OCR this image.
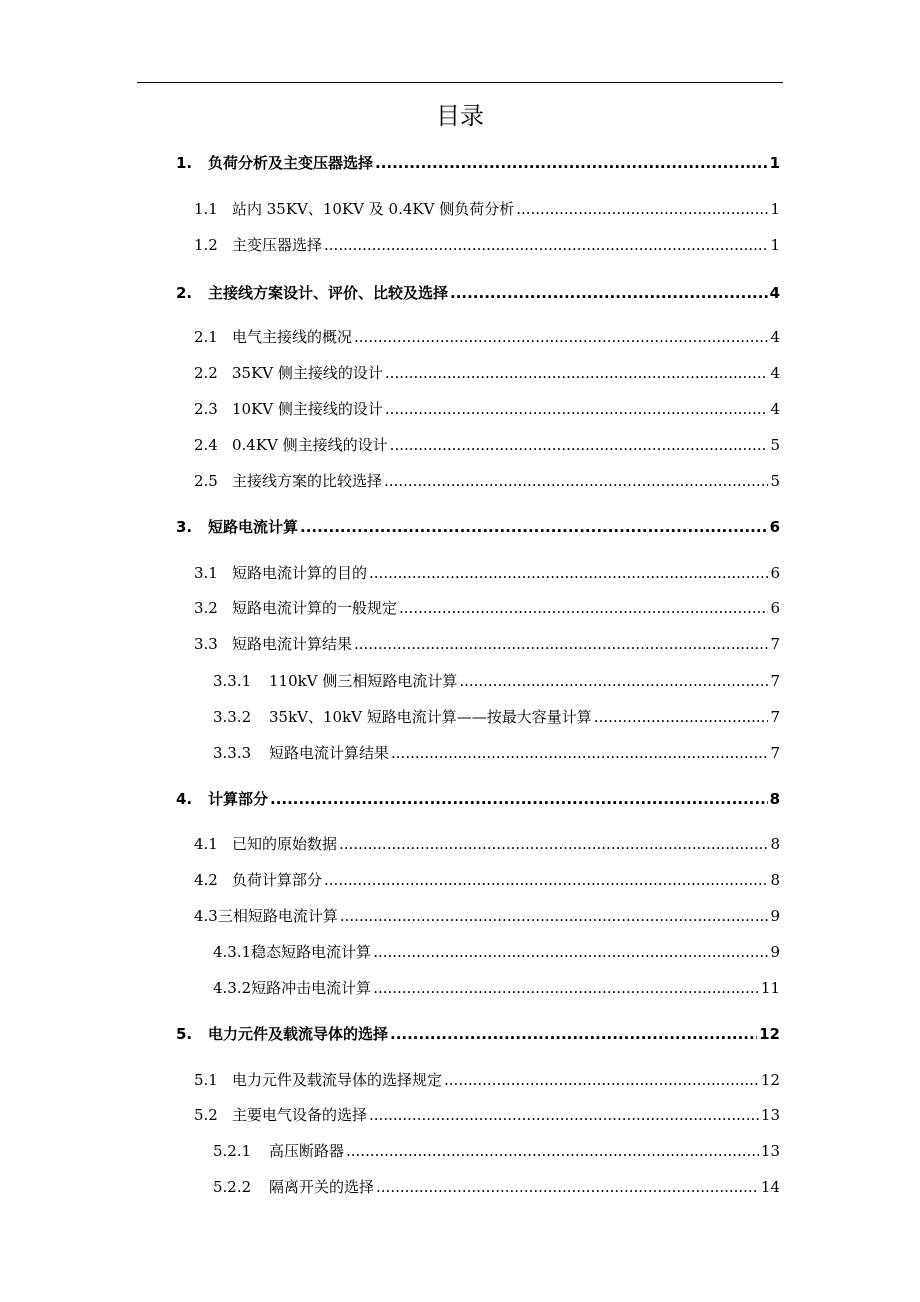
目录
1.	负荷分析及主变压器选择 .....	1
1.1 站内 35KV、10KV 及 0.4KV 侧负荷分析 .....	1
1.2 主变压器选择 .....	1
2.	主接线方案设计、评价、比较及选择 .....	4
2.1 电气主接线的概况 .....	4
2.2 35KV 侧主接线的设计 .....	4
2.3 10KV 侧主接线的设计 .....	4
2.4 0.4KV 侧主接线的设计 .....	5
2.5 主接线方案的比较选择 .....	5
3.	短路电流计算 .....	6
3.1 短路电流计算的目的 .....	6
3.2 短路电流计算的一般规定 .....	6
3.3 短路电流计算结果 .....	7
3.3.1	110kV 侧三相短路电流计算 .....	7
3.3.2	35kV、10kV 短路电流计算——按最大容量计算 .....	7
3.3.3	短路电流计算结果 .....	7
4.	计算部分 .....	8
4.1 已知的原始数据 .....	8
4.2 负荷计算部分 .....	8
4.3 三相短路电流计算 .....	9
4.3.1 稳态短路电流计算 .....	9
4.3.2 短路冲击电流计算 .....	11
5.	电力元件及载流导体的选择 .....	12
5.1 电力元件及载流导体的选择规定 .....	12
5.2 主要电气设备的选择 .....	13
5.2.1	高压断路器 .....	13
5.2.2	隔离开关的选择 .....	14
